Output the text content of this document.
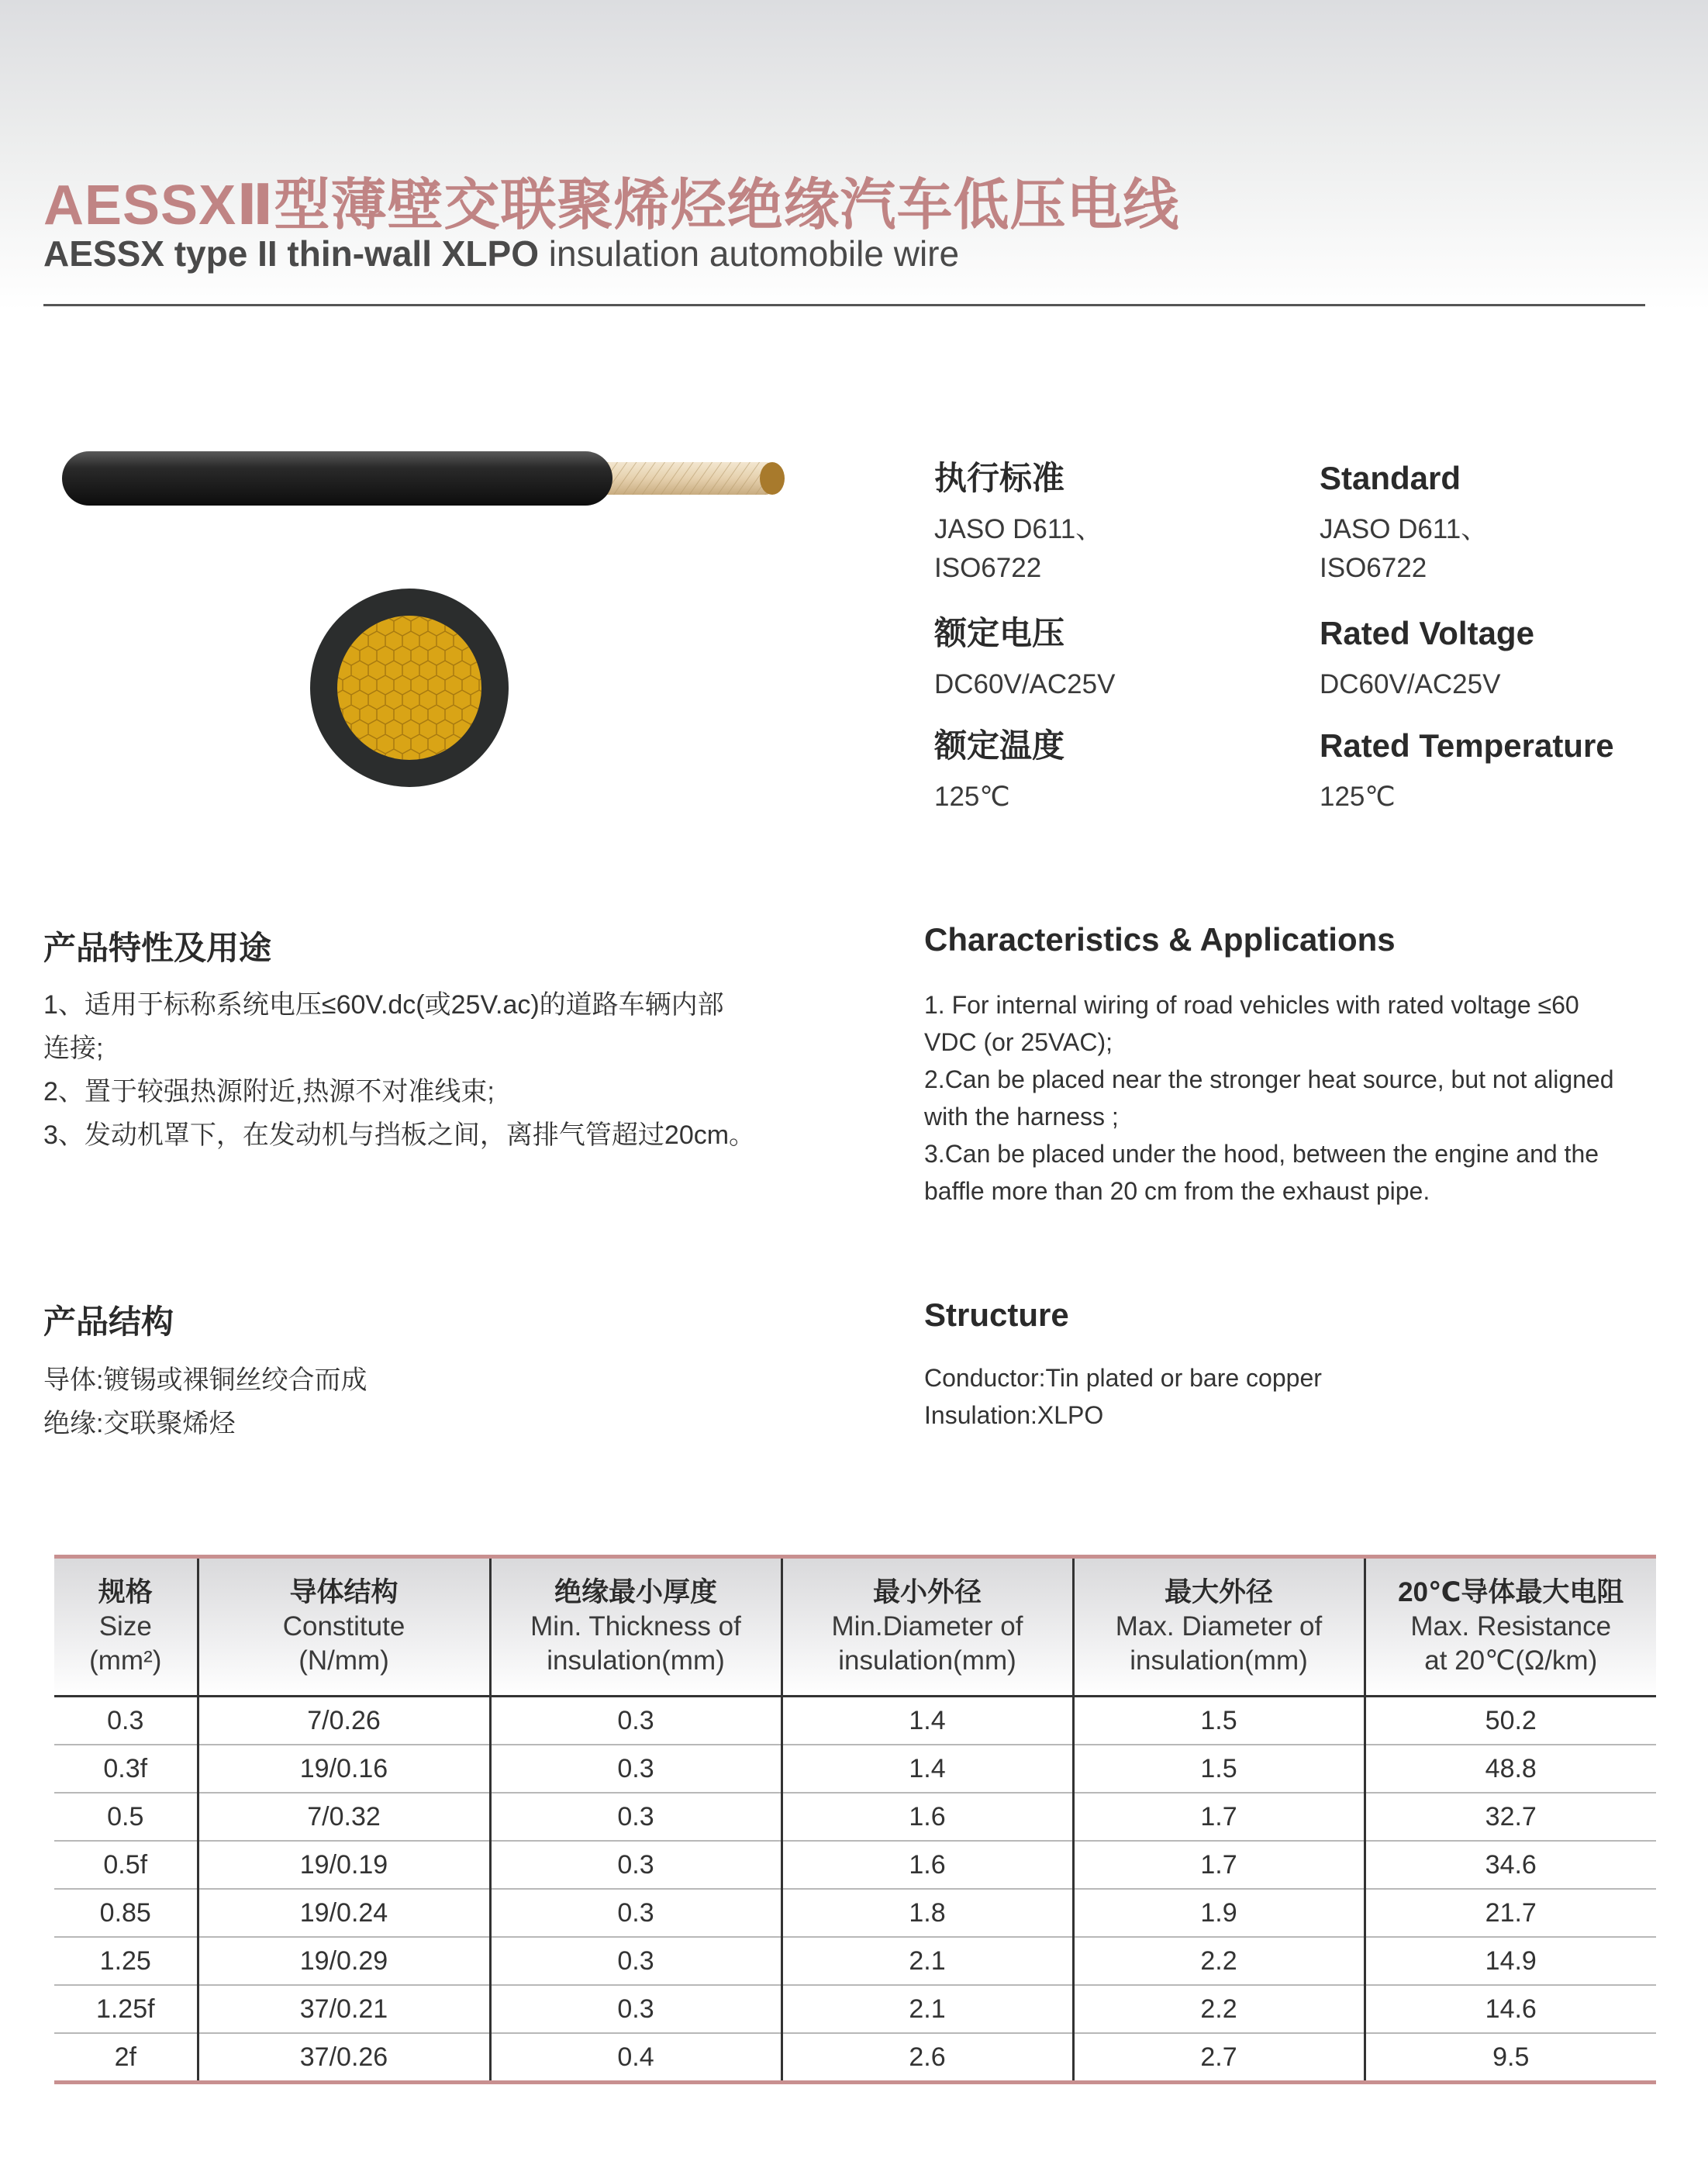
AESSXⅡ型薄壁交联聚烯烃绝缘汽车低压电线
AESSX type II thin-wall XLPO insulation automobile wire
执行标准
JASO D611、
ISO6722
额定电压
DC60V/AC25V
额定温度
125℃
Standard
JASO D611、
ISO6722
Rated Voltage
DC60V/AC25V
Rated Temperature
125℃
产品特性及用途
1、适用于标称系统电压≤60V.dc(或25V.ac)的道路车辆内部
连接;
2、置于较强热源附近,热源不对准线束;
3、发动机罩下，在发动机与挡板之间，离排气管超过20cm。
Characteristics & Applications
1. For internal wiring of road vehicles with rated voltage ≤60
VDC (or 25VAC);
2.Can be placed near the stronger heat source, but not aligned
with the harness ;
3.Can be placed under the hood, between the engine and the
baffle more than 20 cm from the exhaust pipe.
产品结构
导体:镀锡或裸铜丝绞合而成
绝缘:交联聚烯烃
Structure
Conductor:Tin plated or bare copper
Insulation:XLPO
规格
Size
(mm²)	导体结构
Constitute
(N/mm)	绝缘最小厚度
Min. Thickness of
insulation(mm)	最小外径
Min.Diameter of
insulation(mm)	最大外径
Max. Diameter of
insulation(mm)	20℃导体最大电阻
Max. Resistance
at 20℃(Ω/km)

0.3	7/0.26	0.3	1.4	1.5	50.2
0.3f	19/0.16	0.3	1.4	1.5	48.8
0.5	7/0.32	0.3	1.6	1.7	32.7
0.5f	19/0.19	0.3	1.6	1.7	34.6
0.85	19/0.24	0.3	1.8	1.9	21.7
1.25	19/0.29	0.3	2.1	2.2	14.9
1.25f	37/0.21	0.3	2.1	2.2	14.6
2f	37/0.26	0.4	2.6	2.7	9.5
